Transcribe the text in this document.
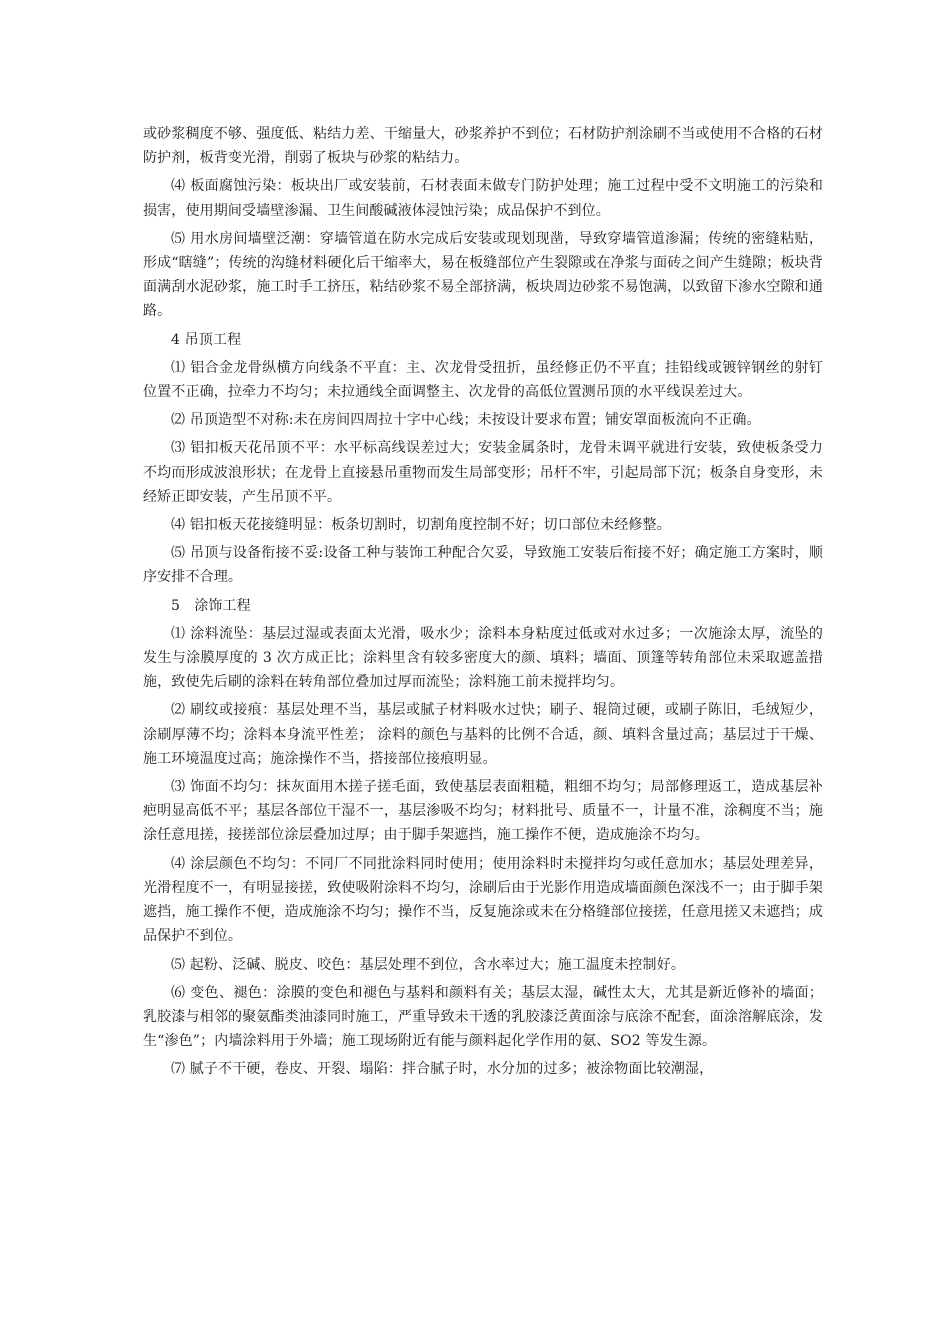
或砂浆稠度不够、强度低、粘结力差、干缩量大，砂浆养护不到位；石材防护剂涂刷不当或使用不合格的石材防护剂，板背变光滑，削弱了板块与砂浆的粘结力。

⑷ 板面腐蚀污染：板块出厂或安装前，石材表面未做专门防护处理；施工过程中受不文明施工的污染和损害，使用期间受墙壁渗漏、卫生间酸碱液体浸蚀污染；成品保护不到位。

⑸ 用水房间墙壁泛潮：穿墙管道在防水完成后安装或现划现凿，导致穿墙管道渗漏；传统的密缝粘贴，形成“瞎缝”；传统的沟缝材料硬化后干缩率大，易在板缝部位产生裂隙或在净浆与面砖之间产生缝隙；板块背面满刮水泥砂浆，施工时手工挤压，粘结砂浆不易全部挤满，板块周边砂浆不易饱满，以致留下渗水空隙和通路。

4 吊顶工程

⑴ 铝合金龙骨纵横方向线条不平直：主、次龙骨受扭折，虽经修正仍不平直；挂铅线或镀锌钢丝的射钉位置不正确，拉牵力不均匀；未拉通线全面调整主、次龙骨的高低位置测吊顶的水平线误差过大。

⑵ 吊顶造型不对称:未在房间四周拉十字中心线；未按设计要求布置；铺安罩面板流向不正确。

⑶ 铝扣板天花吊顶不平：水平标高线误差过大；安装金属条时，龙骨未调平就进行安装，致使板条受力不均而形成波浪形状；在龙骨上直接悬吊重物而发生局部变形；吊杆不牢，引起局部下沉；板条自身变形，未经矫正即安装，产生吊顶不平。

⑷ 铝扣板天花接缝明显：板条切割时，切割角度控制不好；切口部位未经修整。

⑸ 吊顶与设备衔接不妥:设备工种与装饰工种配合欠妥，导致施工安装后衔接不好；确定施工方案时，顺序安排不合理。

5　涂饰工程

⑴ 涂料流坠：基层过湿或表面太光滑，吸水少；涂料本身粘度过低或对水过多；一次施涂太厚，流坠的发生与涂膜厚度的 3 次方成正比；涂料里含有较多密度大的颜、填料；墙面、顶篷等转角部位未采取遮盖措施，致使先后刷的涂料在转角部位叠加过厚而流坠；涂料施工前未搅拌均匀。

⑵ 刷纹或接痕：基层处理不当，基层或腻子材料吸水过快；刷子、辊筒过硬，或刷子陈旧，毛绒短少，涂刷厚薄不均；涂料本身流平性差； 涂料的颜色与基料的比例不合适，颜、填料含量过高；基层过于干燥、施工环境温度过高；施涂操作不当，搭接部位接痕明显。

⑶ 饰面不均匀：抹灰面用木搓子搓毛面，致使基层表面粗糙，粗细不均匀；局部修理返工，造成基层补疤明显高低不平；基层各部位干湿不一，基层渗吸不均匀；材料批号、质量不一，计量不准，涂稠度不当；施涂任意甩搓，接搓部位涂层叠加过厚；由于脚手架遮挡，施工操作不便，造成施涂不均匀。

⑷ 涂层颜色不均匀：不同厂不同批涂料同时使用；使用涂料时未搅拌均匀或任意加水；基层处理差异，光滑程度不一，有明显接搓，致使吸附涂料不均匀，涂刷后由于光影作用造成墙面颜色深浅不一；由于脚手架遮挡，施工操作不便，造成施涂不均匀；操作不当，反复施涂或未在分格缝部位接搓，任意甩搓又未遮挡；成品保护不到位。

⑸ 起粉、泛碱、脱皮、咬色：基层处理不到位，含水率过大；施工温度未控制好。

⑹ 变色、褪色：涂膜的变色和褪色与基料和颜料有关；基层太湿，碱性太大，尤其是新近修补的墙面；乳胶漆与相邻的聚氨酯类油漆同时施工，严重导致未干透的乳胶漆泛黄面涂与底涂不配套，面涂溶解底涂，发生“渗色”；内墙涂料用于外墙；施工现场附近有能与颜料起化学作用的氨、SO2 等发生源。

⑺ 腻子不干硬，卷皮、开裂、塌陷：拌合腻子时，水分加的过多；被涂物面比较潮湿，
